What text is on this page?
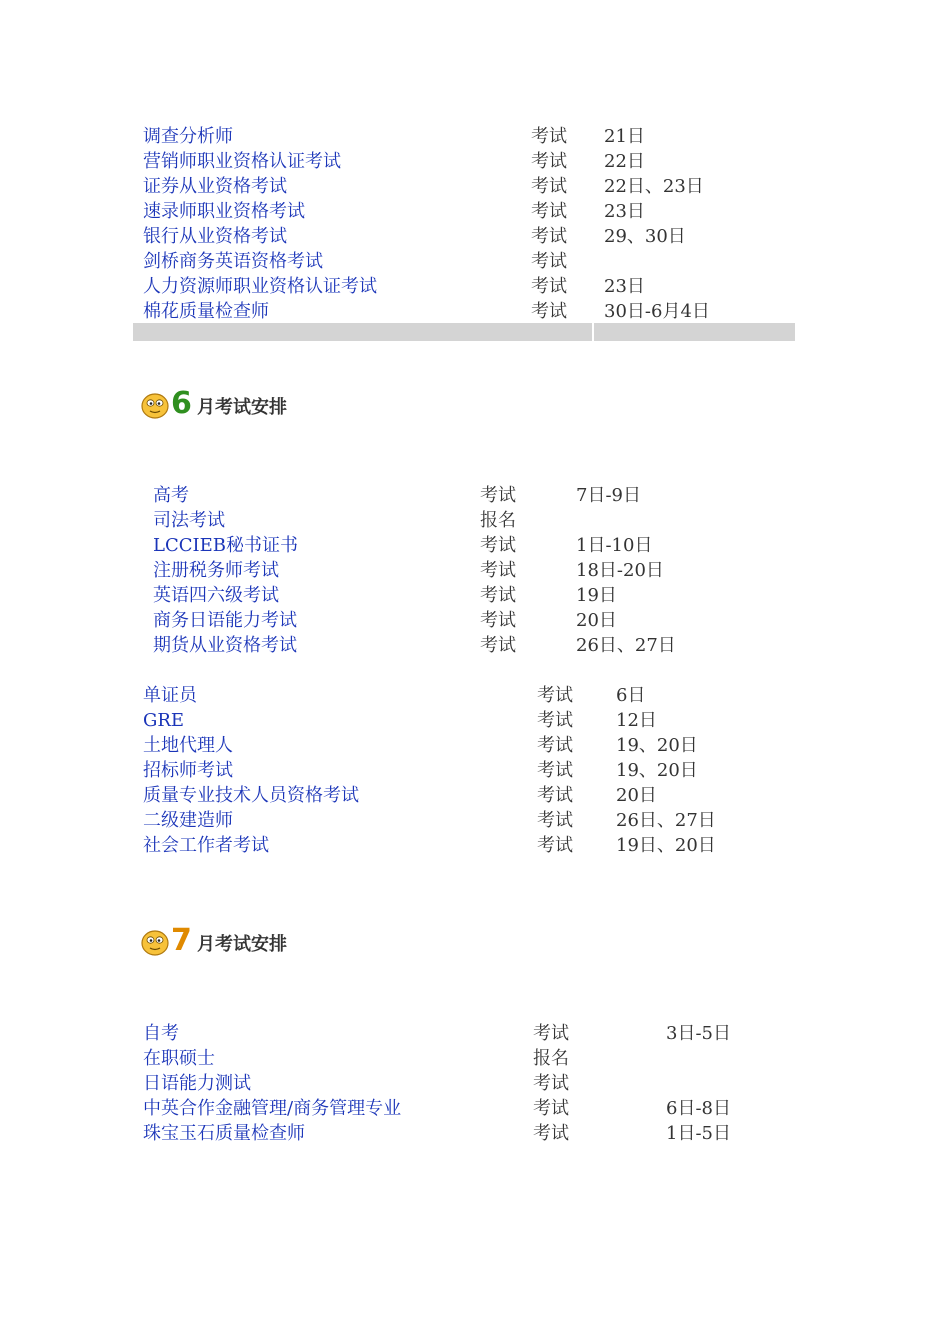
调查分析师	考试 21日
营销师职业资格认证考试	考试 22日
证券从业资格考试	考试 22日、23日
速录师职业资格考试	考试 23日
银行从业资格考试	考试 29、30日
剑桥商务英语资格考试	考试
人力资源师职业资格认证考试	考试 23日
棉花质量检查师	考试 30日-6月4日
6 月考试安排
高考	考试	7日-9日
司法考试	报名
LCCIEB秘书证书	考试	1日-10日
注册税务师考试	考试	18日-20日
英语四六级考试	考试	19日
商务日语能力考试	考试	20日
期货从业资格考试	考试	26日、27日
单证员	考试 6日
GRE	考试 12日
土地代理人	考试 19、20日
招标师考试	考试 19、20日
质量专业技术人员资格考试	考试 20日
二级建造师	考试 26日、27日
社会工作者考试	考试 19日、20日
7 月考试安排
自考	考试	3日-5日
在职硕士	报名
日语能力测试	考试
中英合作金融管理/商务管理专业	考试	6日-8日
珠宝玉石质量检查师	考试	1日-5日
